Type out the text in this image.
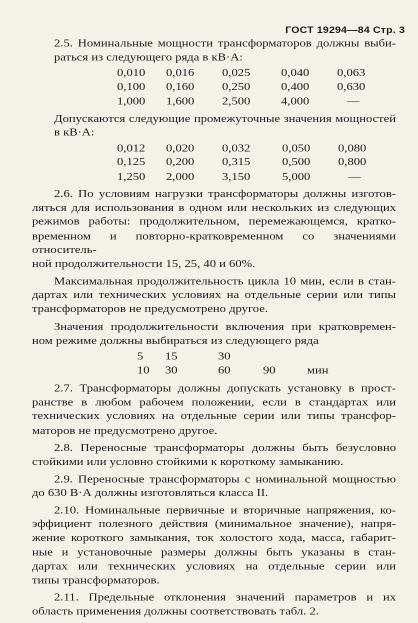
ГОСТ 19294—84 Стр. 3
2.5. Номинальные мощности трансформаторов должны выби-
раться из следующего ряда в кВ·А:
0,010	0,016	0,025	0,040	0,063
0,100	0,160	0,250	0,400	0,630
1,000	1,600	2,500	4,000	—
Допускаются следующие промежуточные значения мощностей
в кВ·А:
0,012	0,020	0,032	0,050	0,080
0,125	0,200	0,315	0,500	0,800
1,250	2,000	3,150	5,000	—
2.6. По условиям нагрузки трансформаторы должны изготов-
ляться для использования в одном или нескольких из следующих
режимов работы: продолжительном, перемежающемся, кратко-
временном и повторно-кратковременном со значениями относитель-
ной продолжительности 15, 25, 40 и 60%.
Максимальная продолжительность цикла 10 мин, если в стан-
дартах или технических условиях на отдельные серии или типы
трансформаторов не предусмотрено другое.
Значения продолжительности включения при кратковремен-
ном режиме должны выбираться из следующего ряда
5	15	30		
10	30	60	90	мин
2.7. Трансформаторы должны допускать установку в прост-
ранстве в любом рабочем положении, если в стандартах или
технических условиях на отдельные серии или типы трансфор-
маторов не предусмотрено другое.
2.8. Переносные трансформаторы должны быть безусловно
стойкими или условно стойкими к короткому замыканию.
2.9. Переносные трансформаторы с номинальной мощностью
до 630 В·А должны изготовляться класса II.
2.10. Номинальные первичные и вторичные напряжения, ко-
эффициент полезного действия (минимальное значение), напря-
жение короткого замыкания, ток холостого хода, масса, габарит-
ные и установочные размеры должны быть указаны в стан-
дартах или технических условиях на отдельные серии или
типы трансформаторов.
2.11. Предельные отклонения значений параметров и их
область применения должны соответствовать табл. 2.
